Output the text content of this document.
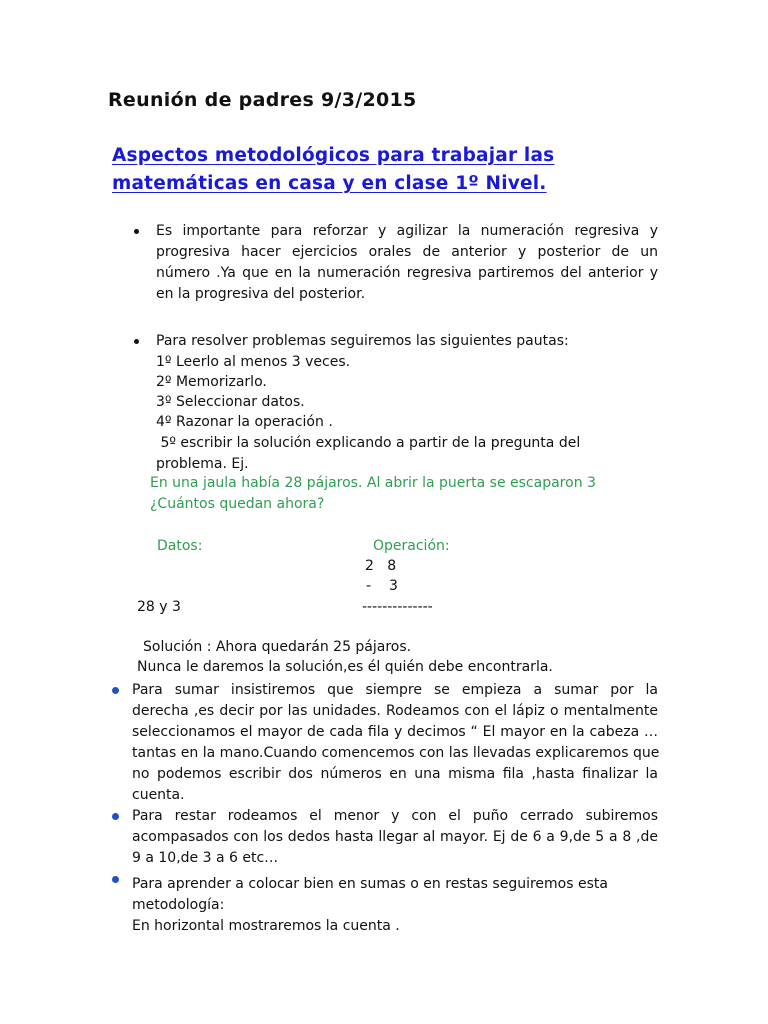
Reunión de padres 9/3/2015
Aspectos metodológicos para trabajar las
matemáticas en casa y en clase 1º Nivel.
Es importante para reforzar y agilizar la numeración regresiva y
progresiva hacer ejercicios orales de anterior y posterior de un
número .Ya que en la numeración regresiva partiremos del anterior y
en la progresiva del posterior.
Para resolver problemas seguiremos las siguientes pautas:
1º Leerlo al menos 3 veces.
2º Memorizarlo.
3º Seleccionar datos.
4º Razonar la operación .
5º escribir la solución explicando a partir de la pregunta del
problema. Ej.
En una jaula había 28 pájaros. Al abrir la puerta se escaparon 3
¿Cuántos quedan ahora?
Datos:	Operación:
2   8
- 3
28 y 3	--------------
Solución : Ahora quedarán 25 pájaros.
Nunca le daremos la solución,es él quién debe encontrarla.
Para sumar insistiremos que siempre se empieza a sumar por la
derecha ,es decir por las unidades. Rodeamos con el lápiz o mentalmente
seleccionamos el mayor de cada fila y decimos “ El mayor en la cabeza …
tantas en la mano.Cuando comencemos con las llevadas explicaremos que
no podemos escribir dos números en una misma fila ,hasta finalizar la
cuenta.
Para restar rodeamos el menor y con el puño cerrado subiremos
acompasados con los dedos hasta llegar al mayor. Ej de 6 a 9,de 5 a 8 ,de
9 a 10,de 3 a 6 etc…
Para aprender a colocar bien en sumas o en restas seguiremos esta
metodología:
En horizontal mostraremos la cuenta .
